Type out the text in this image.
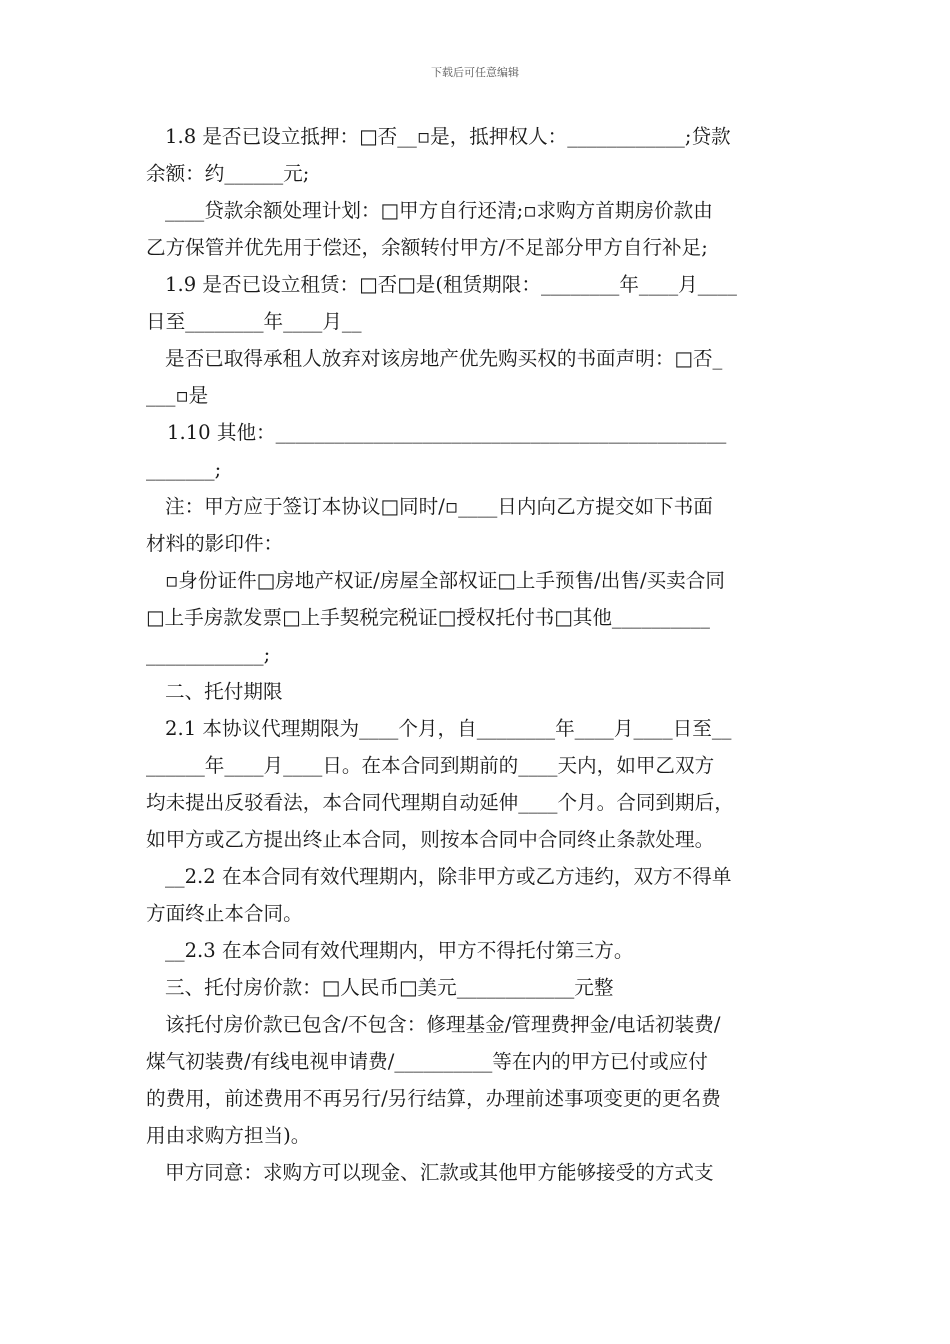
下载后可任意编辑
1.8 是否已设立抵押：□否__▫是，抵押权人：____________;贷款
余额：约______元;
____贷款余额处理计划：□甲方自行还清;▫求购方首期房价款由
乙方保管并优先用于偿还，余额转付甲方/不足部分甲方自行补足;
1.9 是否已设立租赁：□否□是(租赁期限：________年____月____
日至________年____月__
是否已取得承租人放弃对该房地产优先购买权的书面声明：□否_
___▫是
1.10 其他：______________________________________________
_______;
注：甲方应于签订本协议□同时/▫____日内向乙方提交如下书面
材料的影印件：
▫身份证件□房地产权证/房屋全部权证□上手预售/出售/买卖合同
□上手房款发票□上手契税完税证□授权托付书□其他__________
____________;
二、托付期限
2.1 本协议代理期限为____个月，自________年____月____日至__
______年____月____日。在本合同到期前的____天内，如甲乙双方
均未提出反驳看法，本合同代理期自动延伸____个月。合同到期后，
如甲方或乙方提出终止本合同，则按本合同中合同终止条款处理。
__2.2 在本合同有效代理期内，除非甲方或乙方违约，双方不得单
方面终止本合同。
__2.3 在本合同有效代理期内，甲方不得托付第三方。
三、托付房价款：□人民币□美元____________元整
该托付房价款已包含/不包含：修理基金/管理费押金/电话初装费/
煤气初装费/有线电视申请费/__________等在内的甲方已付或应付
的费用，前述费用不再另行/另行结算，办理前述事项变更的更名费
用由求购方担当)。
甲方同意：求购方可以现金、汇款或其他甲方能够接受的方式支
